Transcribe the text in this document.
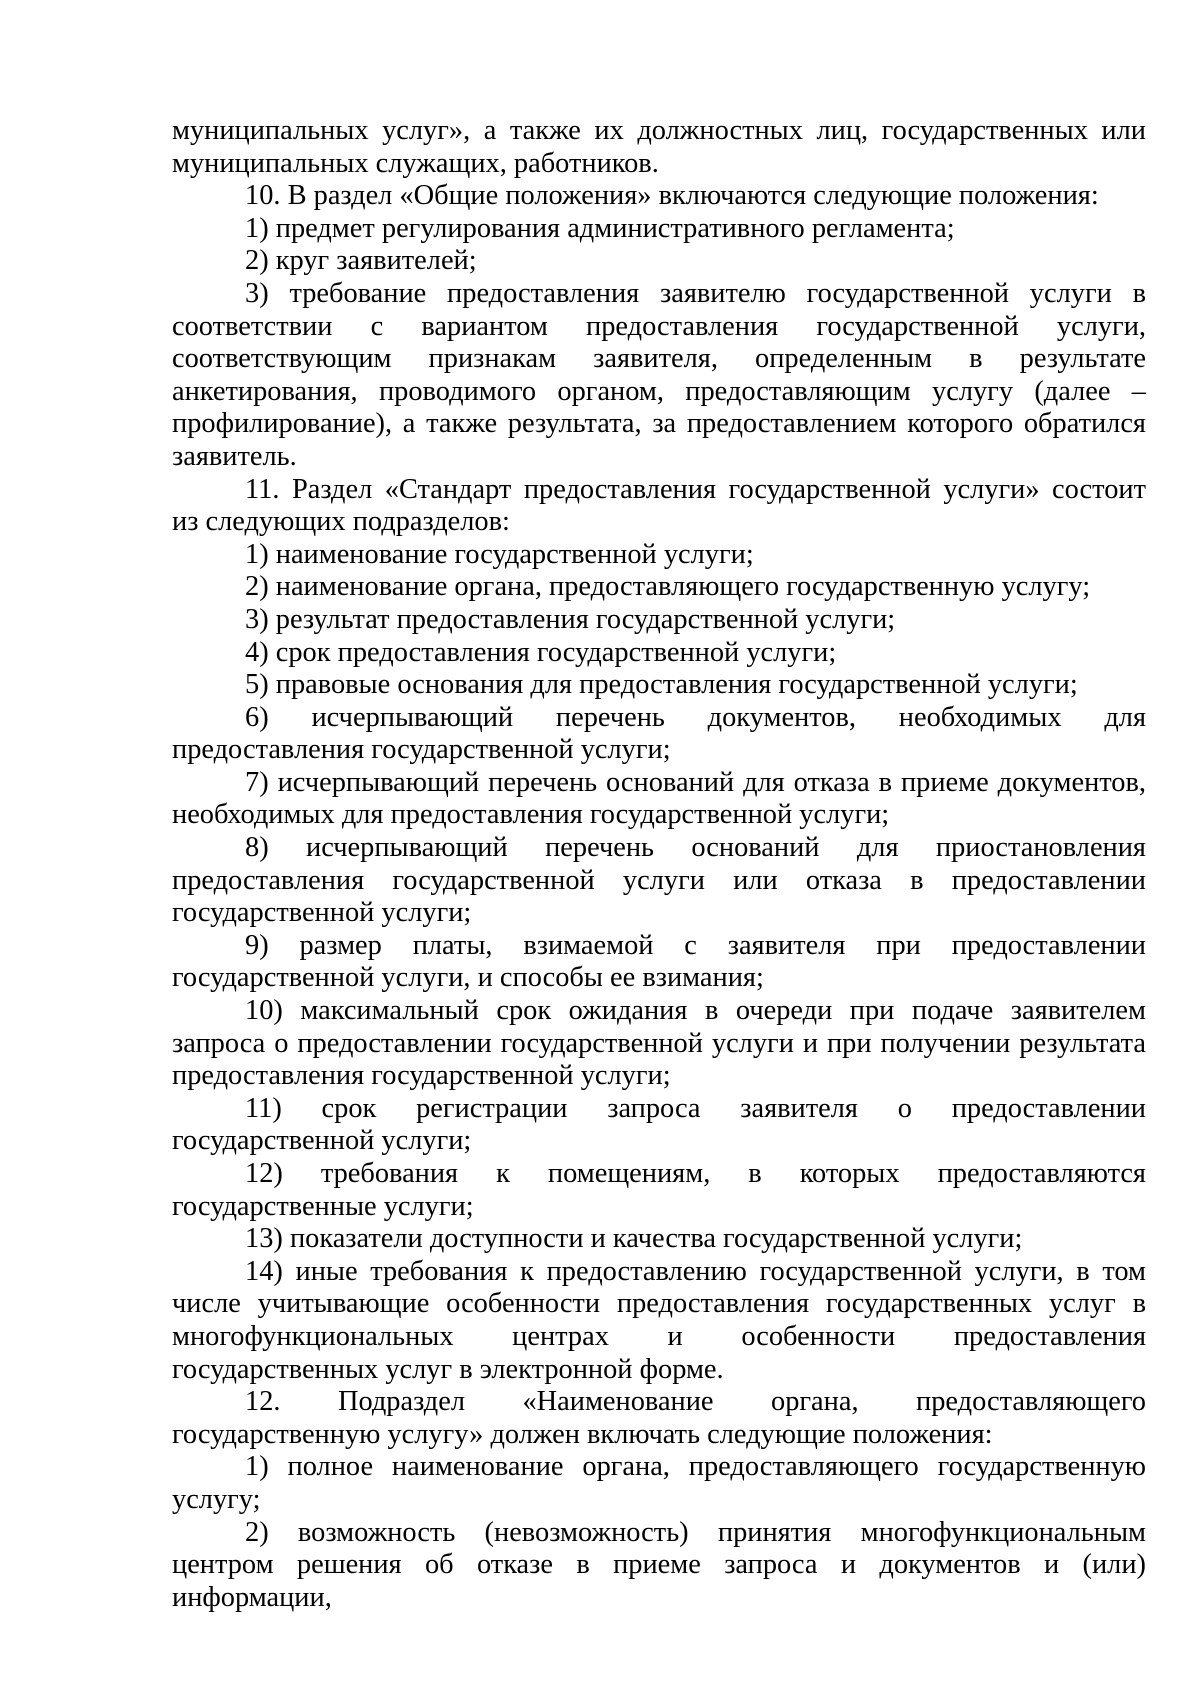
муниципальных услуг», а также их должностных лиц, государственных или муниципальных служащих, работников.

10. В раздел «Общие положения» включаются следующие положения:

1) предмет регулирования административного регламента;

2) круг заявителей;

3) требование предоставления заявителю государственной услуги в соответствии с вариантом предоставления государственной услуги, соответствующим признакам заявителя, определенным в результате анкетирования, проводимого органом, предоставляющим услугу (далее – профилирование), а также результата, за предоставлением которого обратился заявитель.

11. Раздел «Стандарт предоставления государственной услуги» состоит из следующих подразделов:

1) наименование государственной услуги;

2) наименование органа, предоставляющего государственную услугу;

3) результат предоставления государственной услуги;

4) срок предоставления государственной услуги;

5) правовые основания для предоставления государственной услуги;

6) исчерпывающий перечень документов, необходимых для предоставления государственной услуги;

7) исчерпывающий перечень оснований для отказа в приеме документов, необходимых для предоставления государственной услуги;

8) исчерпывающий перечень оснований для приостановления предоставления государственной услуги или отказа в предоставлении государственной услуги;

9) размер платы, взимаемой с заявителя при предоставлении государственной услуги, и способы ее взимания;

10) максимальный срок ожидания в очереди при подаче заявителем запроса о предоставлении государственной услуги и при получении результата предоставления государственной услуги;

11) срок регистрации запроса заявителя о предоставлении государственной услуги;

12) требования к помещениям, в которых предоставляются государственные услуги;

13) показатели доступности и качества государственной услуги;

14) иные требования к предоставлению государственной услуги, в том числе учитывающие особенности предоставления государственных услуг в многофункциональных центрах и особенности предоставления государственных услуг в электронной форме.

12. Подраздел «Наименование органа, предоставляющего государственную услугу» должен включать следующие положения:

1) полное наименование органа, предоставляющего государственную услугу;

2) возможность (невозможность) принятия многофункциональным центром решения об отказе в приеме запроса и документов и (или) информации,
